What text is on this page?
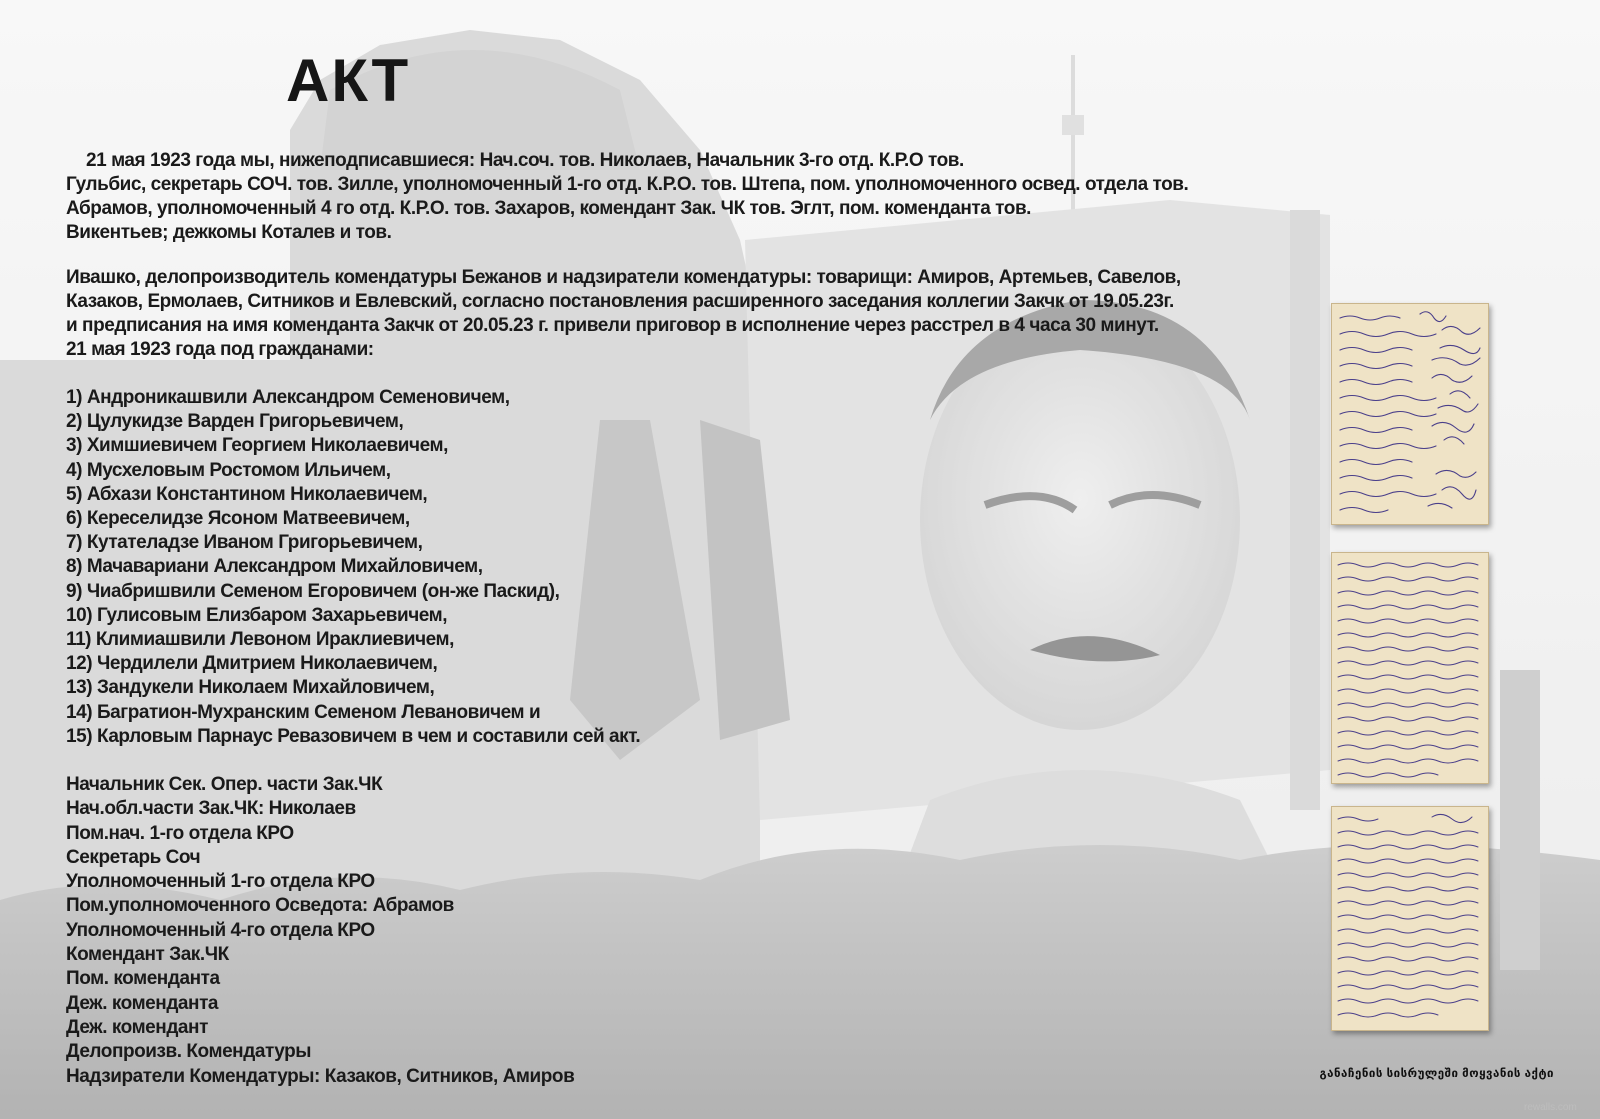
АКТ
21 мая 1923 года мы, нижеподписавшиеся: Нач.соч. тов. Николаев, Начальник 3-го отд. К.Р.О тов.
Гульбис, секретарь СОЧ. тов. Зилле, уполномоченный 1-го отд. К.Р.О. тов. Штепа, пом. уполномоченного освед. отдела тов.
Абрамов, уполномоченный 4 го отд. К.Р.О. тов. Захаров, комендант Зак. ЧК тов. Эглт, пом. коменданта тов.
Викентьев; дежкомы Коталев и тов.
Ивашко, делопроизводитель комендатуры Бежанов и надзиратели комендатуры: товарищи: Амиров, Артемьев, Савелов,
Казаков, Ермолаев, Ситников и Евлевский, согласно постановления расширенного заседания коллегии Закчк от 19.05.23г.
и предписания на имя коменданта Закчк от 20.05.23 г. привели приговор в исполнение через расстрел в 4 часа 30 минут.
21 мая 1923 года под гражданами:
1) Андроникашвили Александром Семеновичем,
2) Цулукидзе Варден Григорьевичем,
3) Химшиевичем Георгием Николаевичем,
4) Мусхеловым Ростомом Ильичем,
5) Абхази Константином Николаевичем,
6) Кереселидзе Ясоном Матвеевичем,
7) Кутателадзе Иваном Григорьевичем,
8) Мачавариани Александром Михайловичем,
9) Чиабришвили Семеном Егоровичем (он-же Паскид),
10) Гулисовым Елизбаром Захарьевичем,
11) Климиашвили Левоном Ираклиевичем,
12) Чердилели Дмитрием Николаевичем,
13) Зандукели Николаем Михайловичем,
14) Багратион-Мухранским Семеном Левановичем и
15) Карловым Парнаус Ревазовичем в чем и составили сей акт.
Начальник Сек. Опер. части Зак.ЧК
Нач.обл.части Зак.ЧК: Николаев
Пом.нач. 1-го отдела КРО
Секретарь Соч
Уполномоченный 1-го отдела КРО
Пом.уполномоченного Осведота: Абрамов
Уполномоченный 4-го отдела КРО
Комендант Зак.ЧК
Пом. коменданта
Деж. коменданта
Деж. комендант
Делопроизв. Комендатуры
Надзиратели Комендатуры: Казаков, Ситников, Амиров	განაჩენის სისრულეში მოყვანის აქტი
rewalls.com
